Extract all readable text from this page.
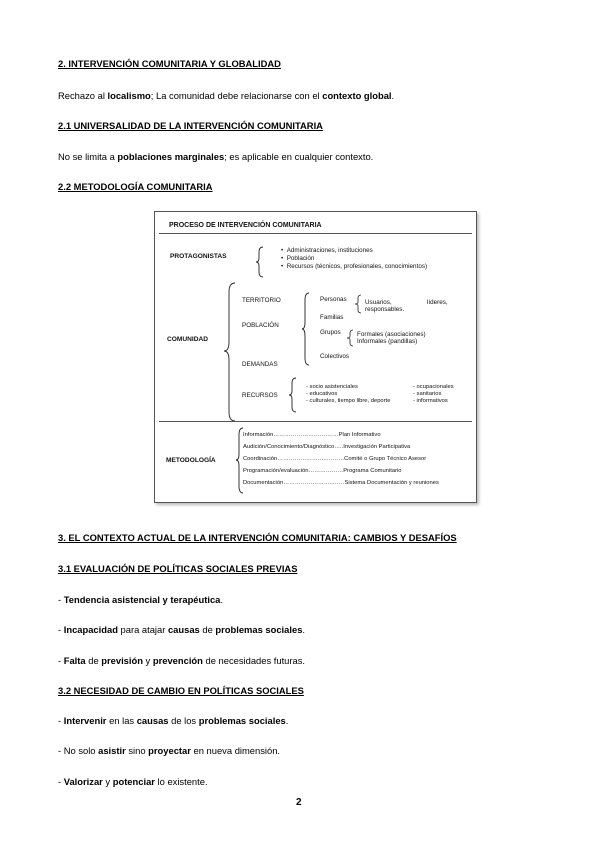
2. INTERVENCIÓN COMUNITARIA Y GLOBALIDAD
Rechazo al localismo; La comunidad debe relacionarse con el contexto global.
2.1 UNIVERSALIDAD DE LA INTERVENCIÓN COMUNITARIA
No se limita a poblaciones marginales; es aplicable en cualquier contexto.
2.2 METODOLOGÍA COMUNITARIA
PROCESO DE INTERVENCIÓN COMUNITARIA
PROTAGONISTAS
•  Administraciones, instituciones
•  Población
•  Recursos (técnicos, profesionales, conocimientos)
COMUNIDAD
TERRITORIO
POBLACIÓN
DEMANDAS
RECURSOS
Personas	Usuarios,	líderes,
responsables.
Familias
Grupos	Formales (asociaciones)
Informales (pandillas)
Colectivos
- socio asistenciales
- educativos
- culturales, tiempo libre, deporte
- ocupacionales
- sanitarios
- informativos
METODOLOGÍA
Información……………………….……Plan Informativo
Audición/Conocimiento/Diagnóstico…..Investigación Participativa
Coordinación……………………..………Comité o Grupo Técnico Asesor
Programación/evaluación………………Programa Comunitario
Documentación……………………..……Sistema Documentación y reuniones
3. EL CONTEXTO ACTUAL DE LA INTERVENCIÓN COMUNITARIA: CAMBIOS Y DESAFÍOS
3.1 EVALUACIÓN DE POLÍTICAS SOCIALES PREVIAS
- Tendencia asistencial y terapéutica.
- Incapacidad para atajar causas de problemas sociales.
- Falta de previsión y prevención de necesidades futuras.
3.2 NECESIDAD DE CAMBIO EN POLÍTICAS SOCIALES
- Intervenir en las causas de los problemas sociales.
- No solo asistir sino proyectar en nueva dimensión.
- Valorizar y potenciar lo existente.
2
